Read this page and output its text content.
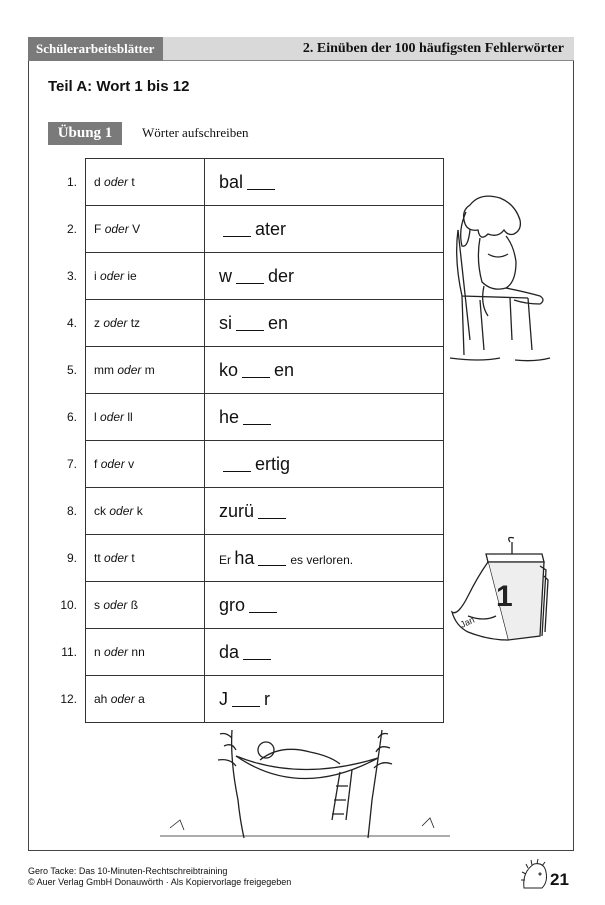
Schülerarbeitsblätter	2. Einüben der 100 häufigsten Fehlerwörter
Teil A: Wort 1 bis 12
Übung 1	Wörter aufschreiben
1.	d oder t	bal
2.	F oder V	ater
3.	i oder ie	w der
4.	z oder tz	si en
5.	mm oder m	ko en
6.	l oder ll	he
7.	f oder v	ertig
8.	ck oder k	zurü
9.	tt oder t	Er ha es verloren.
10.	s oder ß	gro
11.	n oder nn	da
12.	ah oder a	J r
1
Jan
Gero Tacke: Das 10-Minuten-Rechtschreibtraining
© Auer Verlag GmbH Donauwörth · Als Kopiervorlage freigegeben	21
